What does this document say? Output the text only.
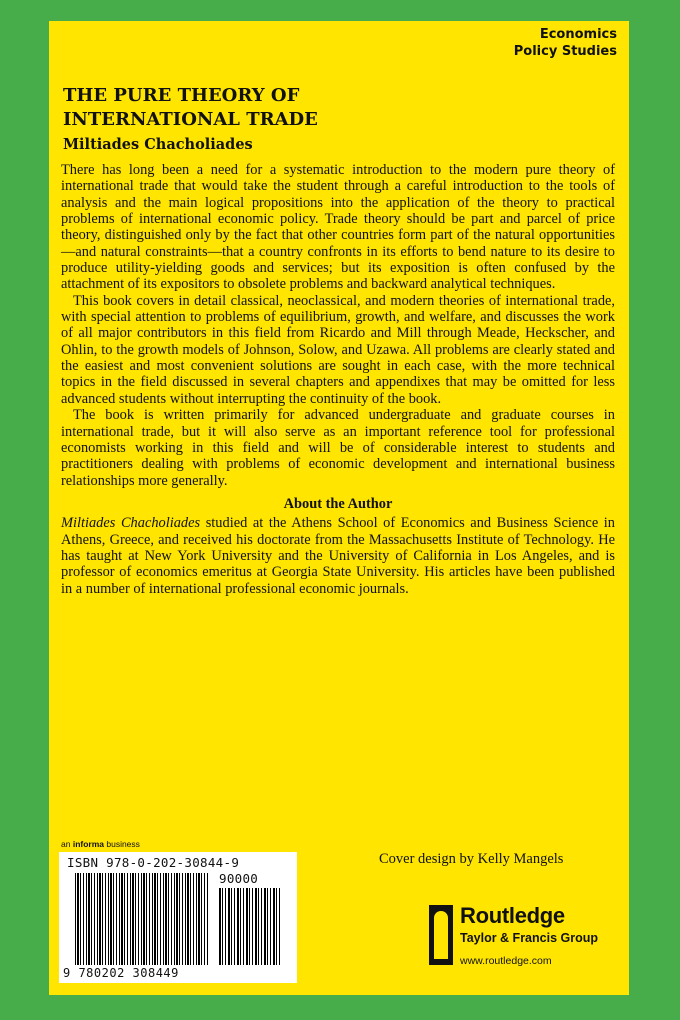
Economics
Policy Studies
THE PURE THEORY OF
INTERNATIONAL TRADE
Miltiades Chacholiades

There has long been a need for a systematic introduction to the modern pure theory of international trade that would take the student through a careful introduction to the tools of analysis and the main logical propositions into the application of the theory to practical problems of international economic policy. Trade theory should be part and parcel of price theory, distinguished only by the fact that other countries form part of the natural opportunities—and natural constraints—that a country confronts in its efforts to bend nature to its desire to produce utility-yielding goods and services; but its exposition is often confused by the attachment of its expositors to obsolete problems and backward analytical techniques.

This book covers in detail classical, neoclassical, and modern theories of international trade, with special attention to problems of equilibrium, growth, and welfare, and discusses the work of all major contributors in this field from Ricardo and Mill through Meade, Heckscher, and Ohlin, to the growth models of Johnson, Solow, and Uzawa. All problems are clearly stated and the easiest and most convenient solutions are sought in each case, with the more technical topics in the field discussed in several chapters and appendixes that may be omitted for less advanced students without interrupting the continuity of the book.

The book is written primarily for advanced undergraduate and graduate courses in international trade, but it will also serve as an important reference tool for professional economists working in this field and will be of considerable interest to students and practitioners dealing with problems of economic development and international business relationships more generally.

About the Author

Miltiades Chacholiades studied at the Athens School of Economics and Business Science in Athens, Greece, and received his doctorate from the Massachusetts Institute of Technology. He has taught at New York University and the University of California in Los Angeles, and is professor of economics emeritus at Georgia State University. His articles have been published in a number of international professional economic journals.

an informa business
Cover design by Kelly Mangels
ISBN 978-0-202-30844-9
90000
9 780202 308449
Routledge
Taylor & Francis Group
www.routledge.com
